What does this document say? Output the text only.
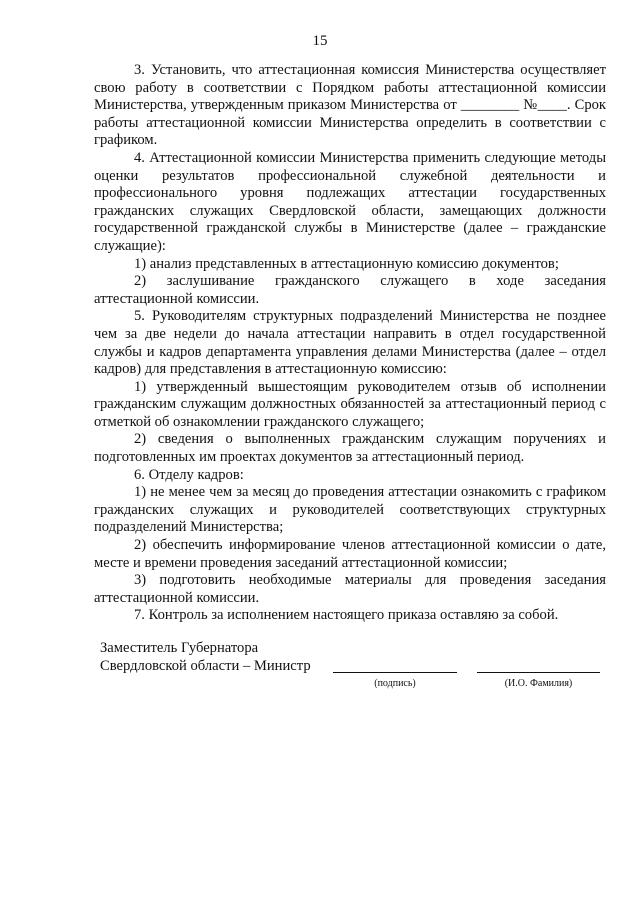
15

3. Установить, что аттестационная комиссия Министерства осуществляет свою работу в соответствии с Порядком работы аттестационной комиссии Министерства, утвержденным приказом Министерства от ________ №____. Срок работы аттестационной комиссии Министерства определить в соответствии с графиком.

4. Аттестационной комиссии Министерства применить следующие методы оценки результатов профессиональной служебной деятельности и профессионального уровня подлежащих аттестации государственных гражданских служащих Свердловской области, замещающих должности государственной гражданской службы в Министерстве (далее – гражданские служащие):

1) анализ представленных в аттестационную комиссию документов;

2) заслушивание гражданского служащего в ходе заседания аттестационной комиссии.

5. Руководителям структурных подразделений Министерства не позднее чем за две недели до начала аттестации направить в отдел государственной службы и кадров департамента управления делами Министерства (далее – отдел кадров) для представления в аттестационную комиссию:

1) утвержденный вышестоящим руководителем отзыв об исполнении гражданским служащим должностных обязанностей за аттестационный период с отметкой об ознакомлении гражданского служащего;

2) сведения о выполненных гражданским служащим поручениях и подготовленных им проектах документов за аттестационный период.

6. Отделу кадров:

1) не менее чем за месяц до проведения аттестации ознакомить с графиком гражданских служащих и руководителей соответствующих структурных подразделений Министерства;

2) обеспечить информирование членов аттестационной комиссии о дате, месте и времени проведения заседаний аттестационной комиссии;

3) подготовить необходимые материалы для проведения заседания аттестационной комиссии.

7. Контроль за исполнением настоящего приказа оставляю за собой.

Заместитель Губернатора
Свердловской области – Министр
(подпись)	(И.О. Фамилия)
